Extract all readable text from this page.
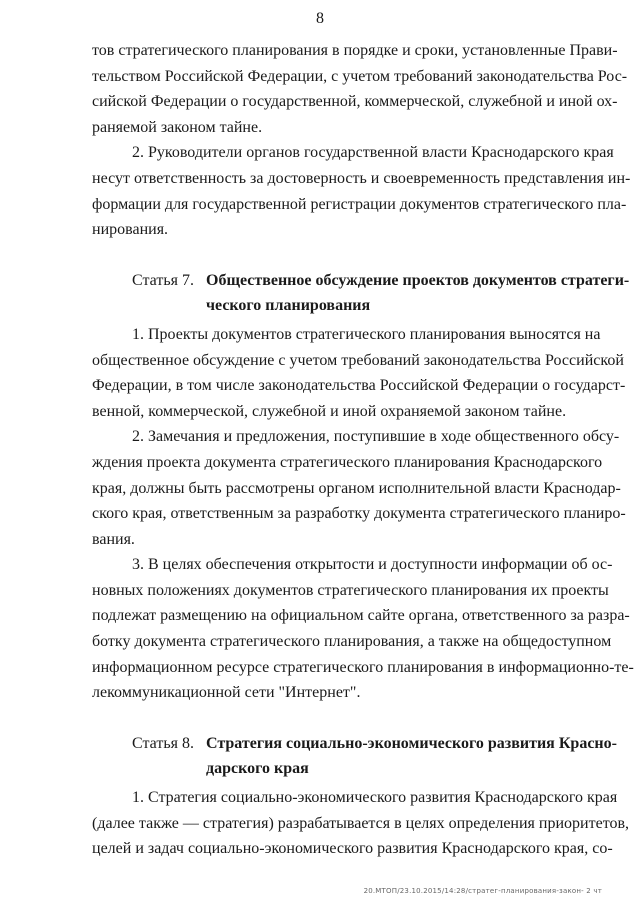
8
тов стратегического планирования в порядке и сроки, установленные Прави-
тельством Российской Федерации, с учетом требований законодательства Рос-
сийской Федерации о государственной, коммерческой, служебной и иной ох-
раняемой законом тайне.
2. Руководители органов государственной власти Краснодарского края
несут ответственность за достоверность и своевременность представления ин-
формации для государственной регистрации документов стратегического пла-
нирования.
Статья 7. Общественное обсуждение проектов документов стратеги-
ческого планирования
1. Проекты документов стратегического планирования выносятся на
общественное обсуждение с учетом требований законодательства Российской
Федерации, в том числе законодательства Российской Федерации о государст-
венной, коммерческой, служебной и иной охраняемой законом тайне.
2. Замечания и предложения, поступившие в ходе общественного обсу-
ждения проекта документа стратегического планирования Краснодарского
края, должны быть рассмотрены органом исполнительной власти Краснодар-
ского края, ответственным за разработку документа стратегического планиро-
вания.
3. В целях обеспечения открытости и доступности информации об ос-
новных положениях документов стратегического планирования их проекты
подлежат размещению на официальном сайте органа, ответственного за разра-
ботку документа стратегического планирования, а также на общедоступном
информационном ресурсе стратегического планирования в информационно-те-
лекоммуникационной сети "Интернет".
Статья 8. Стратегия социально-экономического развития Красно-
дарского края
1. Стратегия социально-экономического развития Краснодарского края
(далее также — стратегия) разрабатывается в целях определения приоритетов,
целей и задач социально-экономического развития Краснодарского края, со-
20.МТОП/23.10.2015/14:28/стратег-планирования-закон- 2 чт
